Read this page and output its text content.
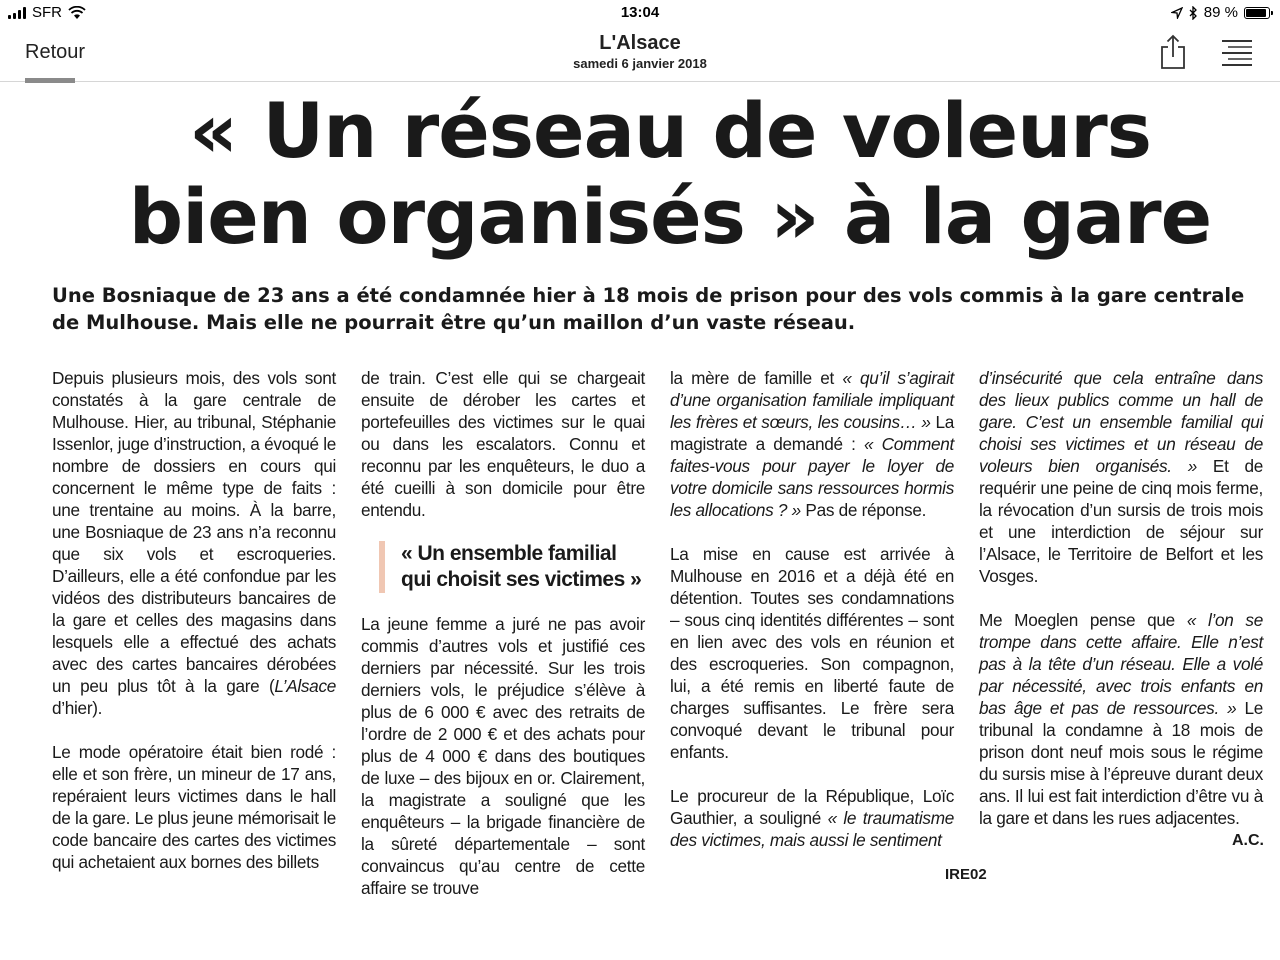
SFR	13:04	89 %
Retour	L'Alsace
samedi 6 janvier 2018
« Un réseau de voleurs
bien organisés » à la gare
Une Bosniaque de 23 ans a été condamnée hier à 18 mois de prison pour des vols commis à la gare centrale de Mulhouse. Mais elle ne pourrait être qu’un maillon d’un vaste réseau.

Depuis plusieurs mois, des vols sont constatés à la gare centrale de Mulhouse. Hier, au tribunal, Stéphanie Issenlor, juge d’instruction, a évoqué le nombre de dossiers en cours qui concernent le même type de faits : une trentaine au moins. À la barre, une Bosniaque de 23 ans n’a reconnu que six vols et escroqueries. D’ailleurs, elle a été confondue par les vidéos des distributeurs bancaires de la gare et celles des magasins dans lesquels elle a effectué des achats avec des cartes bancaires dérobées un peu plus tôt à la gare (L’Alsace d’hier).

Le mode opératoire était bien rodé : elle et son frère, un mineur de 17 ans, repéraient leurs victimes dans le hall de la gare. Le plus jeune mémorisait le code bancaire des cartes des victimes qui achetaient aux bornes des billets

de train. C’est elle qui se chargeait ensuite de dérober les cartes et portefeuilles des victimes sur le quai ou dans les escalators. Connu et reconnu par les enquêteurs, le duo a été cueilli à son domicile pour être entendu.

« Un ensemble familial qui choisit ses victimes »

La jeune femme a juré ne pas avoir commis d’autres vols et justifié ces derniers par nécessité. Sur les trois derniers vols, le préjudice s’élève à plus de 6 000 € avec des retraits de l’ordre de 2 000 € et des achats pour plus de 4 000 € dans des boutiques de luxe – des bijoux en or. Clairement, la magistrate a souligné que les enquêteurs – la brigade financière de la sûreté départementale – sont convaincus qu’au centre de cette affaire se trouve

la mère de famille et « qu’il s’agirait d’une organisation familiale impliquant les frères et sœurs, les cousins… » La magistrate a demandé : « Comment faites-vous pour payer le loyer de votre domicile sans ressources hormis les allocations ? » Pas de réponse.

La mise en cause est arrivée à Mulhouse en 2016 et a déjà été en détention. Toutes ses condamnations – sous cinq identités différentes – sont en lien avec des vols en réunion et des escroqueries. Son compagnon, lui, a été remis en liberté faute de charges suffisantes. Le frère sera convoqué devant le tribunal pour enfants.

Le procureur de la République, Loïc Gauthier, a souligné « le traumatisme des victimes, mais aussi le sentiment

d’insécurité que cela entraîne dans des lieux publics comme un hall de gare. C’est un ensemble familial qui choisi ses victimes et un réseau de voleurs bien organisés. » Et de requérir une peine de cinq mois ferme, la révocation d’un sursis de trois mois et une interdiction de séjour sur l’Alsace, le Territoire de Belfort et les Vosges.

Me Moeglen pense que « l’on se trompe dans cette affaire. Elle n’est pas à la tête d’un réseau. Elle a volé par nécessité, avec trois enfants en bas âge et pas de ressources. » Le tribunal la condamne à 18 mois de prison dont neuf mois sous le régime du sursis mise à l’épreuve durant deux ans. Il lui est fait interdiction d’être vu à la gare et dans les rues adjacentes.

A.C.
IRE02
